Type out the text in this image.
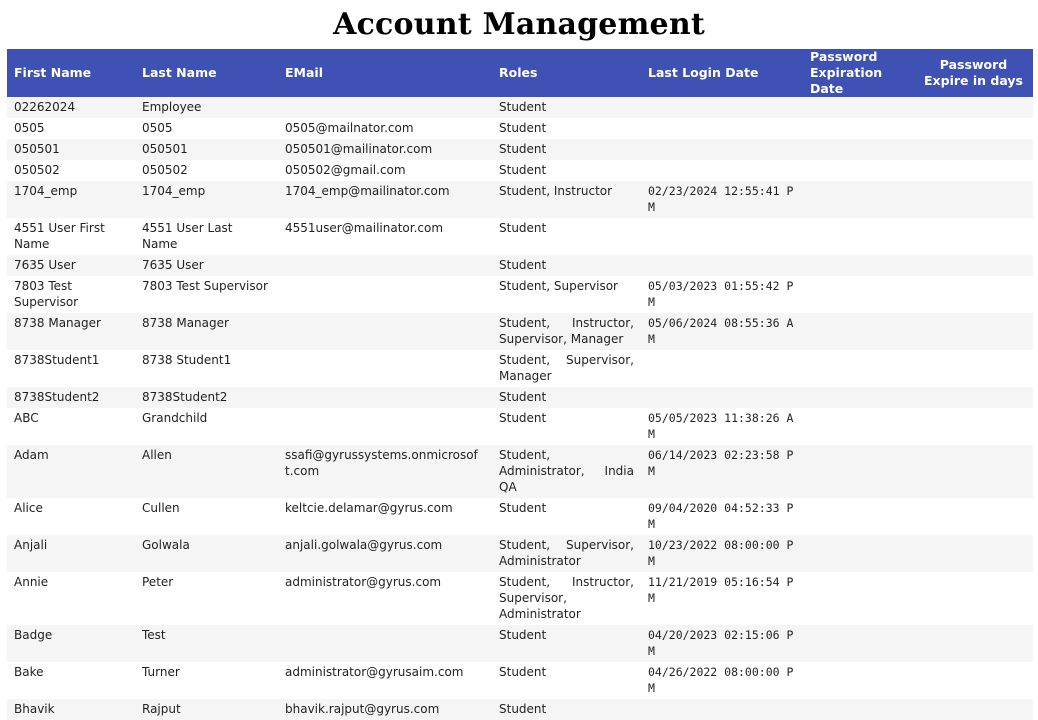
Account Management
First Name	Last Name	EMail	Roles	Last Login Date	Password Expiration Date	Password Expire in days
02262024	Employee		Student			
0505	0505	0505@mailnator.com	Student			
050501	050501	050501@mailinator.com	Student			
050502	050502	050502@gmail.com	Student			
1704_emp	1704_emp	1704_emp@mailinator.com	Student, Instructor	02/23/2024 12:55:41 PM		
4551 User First Name	4551 User Last Name	4551user@mailinator.com	Student			
7635 User	7635 User		Student			
7803 Test Supervisor	7803 Test Supervisor		Student, Supervisor	05/03/2023 01:55:42 PM		
8738 Manager	8738 Manager		Student, Instructor, Supervisor, Manager	05/06/2024 08:55:36 AM		
8738Student1	8738 Student1		Student, Supervisor, Manager			
8738Student2	8738Student2		Student			
ABC	Grandchild		Student	05/05/2023 11:38:26 AM		
Adam	Allen	ssafi@gyrussystems.onmicrosoft.com	Student, Administrator, India QA	06/14/2023 02:23:58 PM		
Alice	Cullen	keltcie.delamar@gyrus.com	Student	09/04/2020 04:52:33 PM		
Anjali	Golwala	anjali.golwala@gyrus.com	Student, Supervisor, Administrator	10/23/2022 08:00:00 PM		
Annie	Peter	administrator@gyrus.com	Student, Instructor, Supervisor, Administrator	11/21/2019 05:16:54 PM		
Badge	Test		Student	04/20/2023 02:15:06 PM		
Bake	Turner	administrator@gyrusaim.com	Student	04/26/2022 08:00:00 PM		
Bhavik	Rajput	bhavik.rajput@gyrus.com	Student			
